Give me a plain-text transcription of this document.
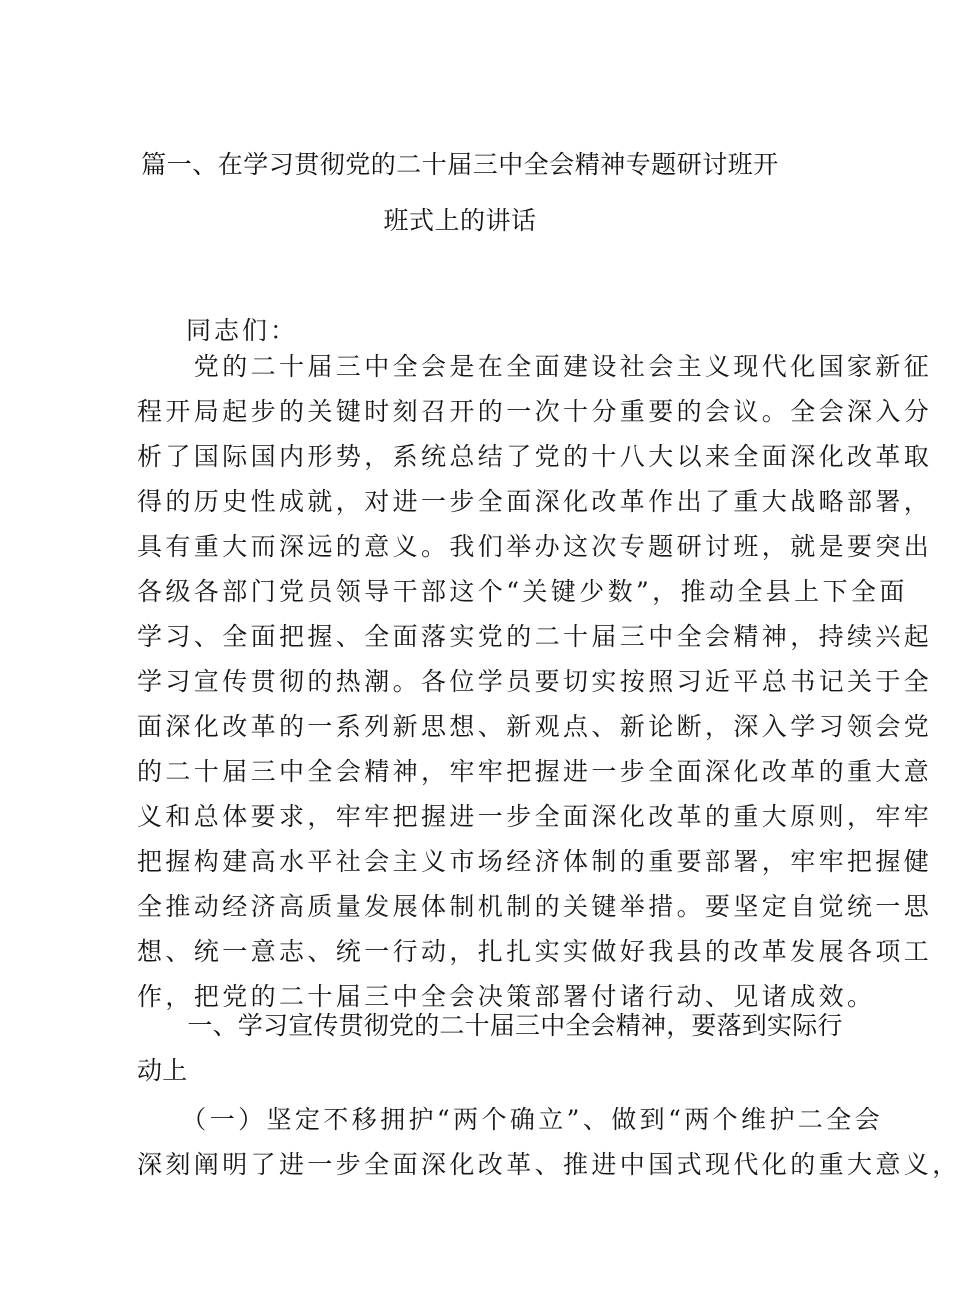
篇一、在学习贯彻党的二十届三中全会精神专题研讨班开
班式上的讲话
同志们：
　　党的二十届三中全会是在全面建设社会主义现代化国家新征
程开局起步的关键时刻召开的一次十分重要的会议。全会深入分
析了国际国内形势，系统总结了党的十八大以来全面深化改革取
得的历史性成就，对进一步全面深化改革作出了重大战略部署，
具有重大而深远的意义。我们举办这次专题研讨班，就是要突出
各级各部门党员领导干部这个“关键少数”，推动全县上下全面
学习、全面把握、全面落实党的二十届三中全会精神，持续兴起
学习宣传贯彻的热潮。各位学员要切实按照习近平总书记关于全
面深化改革的一系列新思想、新观点、新论断，深入学习领会党
的二十届三中全会精神，牢牢把握进一步全面深化改革的重大意
义和总体要求，牢牢把握进一步全面深化改革的重大原则，牢牢
把握构建高水平社会主义市场经济体制的重要部署，牢牢把握健
全推动经济高质量发展体制机制的关键举措。要坚定自觉统一思
想、统一意志、统一行动，扎扎实实做好我县的改革发展各项工
作，把党的二十届三中全会决策部署付诸行动、见诸成效。
　　一、学习宣传贯彻党的二十届三中全会精神，要落到实际行
动上
　　（一）坚定不移拥护“两个确立”、做到“两个维护二全会
深刻阐明了进一步全面深化改革、推进中国式现代化的重大意义，
